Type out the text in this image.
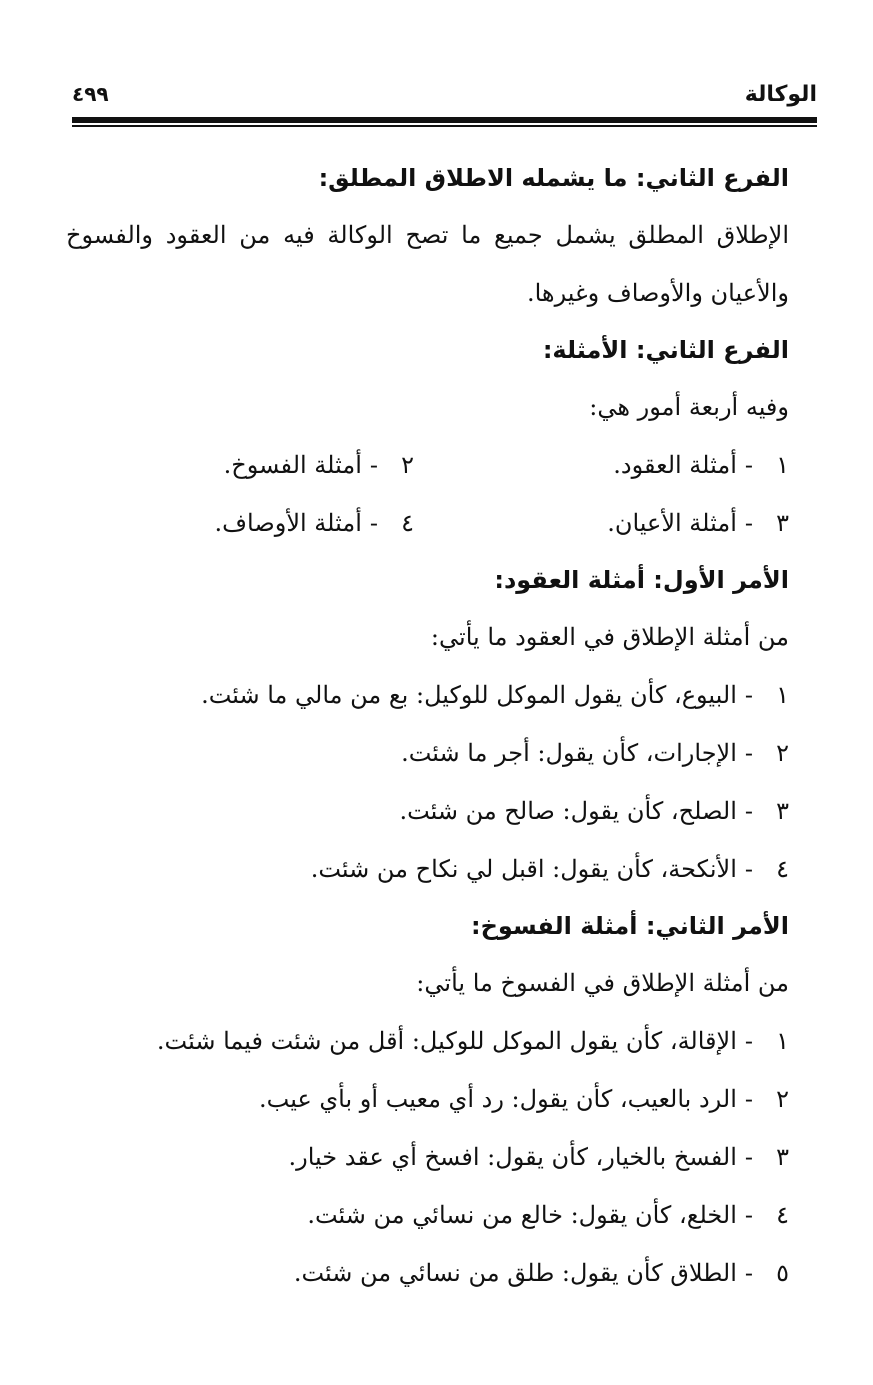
الوكالة
٤٩٩
الفرع الثاني: ما يشمله الاطلاق المطلق:
الإطلاق المطلق يشمل جميع ما تصح الوكالة فيه من العقود والفسوخ
والأعيان والأوصاف وغيرها.
الفرع الثاني: الأمثلة:
وفيه أربعة أمور هي:
١-أمثلة العقود.
٢-أمثلة الفسوخ.
٣-أمثلة الأعيان.
٤-أمثلة الأوصاف.
الأمر الأول: أمثلة العقود:
من أمثلة الإطلاق في العقود ما يأتي:
١-البيوع، كأن يقول الموكل للوكيل: بع من مالي ما شئت.
٢-الإجارات، كأن يقول: أجر ما شئت.
٣-الصلح، كأن يقول: صالح من شئت.
٤-الأنكحة، كأن يقول: اقبل لي نكاح من شئت.
الأمر الثاني: أمثلة الفسوخ:
من أمثلة الإطلاق في الفسوخ ما يأتي:
١-الإقالة، كأن يقول الموكل للوكيل: أقل من شئت فيما شئت.
٢-الرد بالعيب، كأن يقول: رد أي معيب أو بأي عيب.
٣-الفسخ بالخيار، كأن يقول: افسخ أي عقد خيار.
٤-الخلع، كأن يقول: خالع من نسائي من شئت.
٥-الطلاق كأن يقول: طلق من نسائي من شئت.
